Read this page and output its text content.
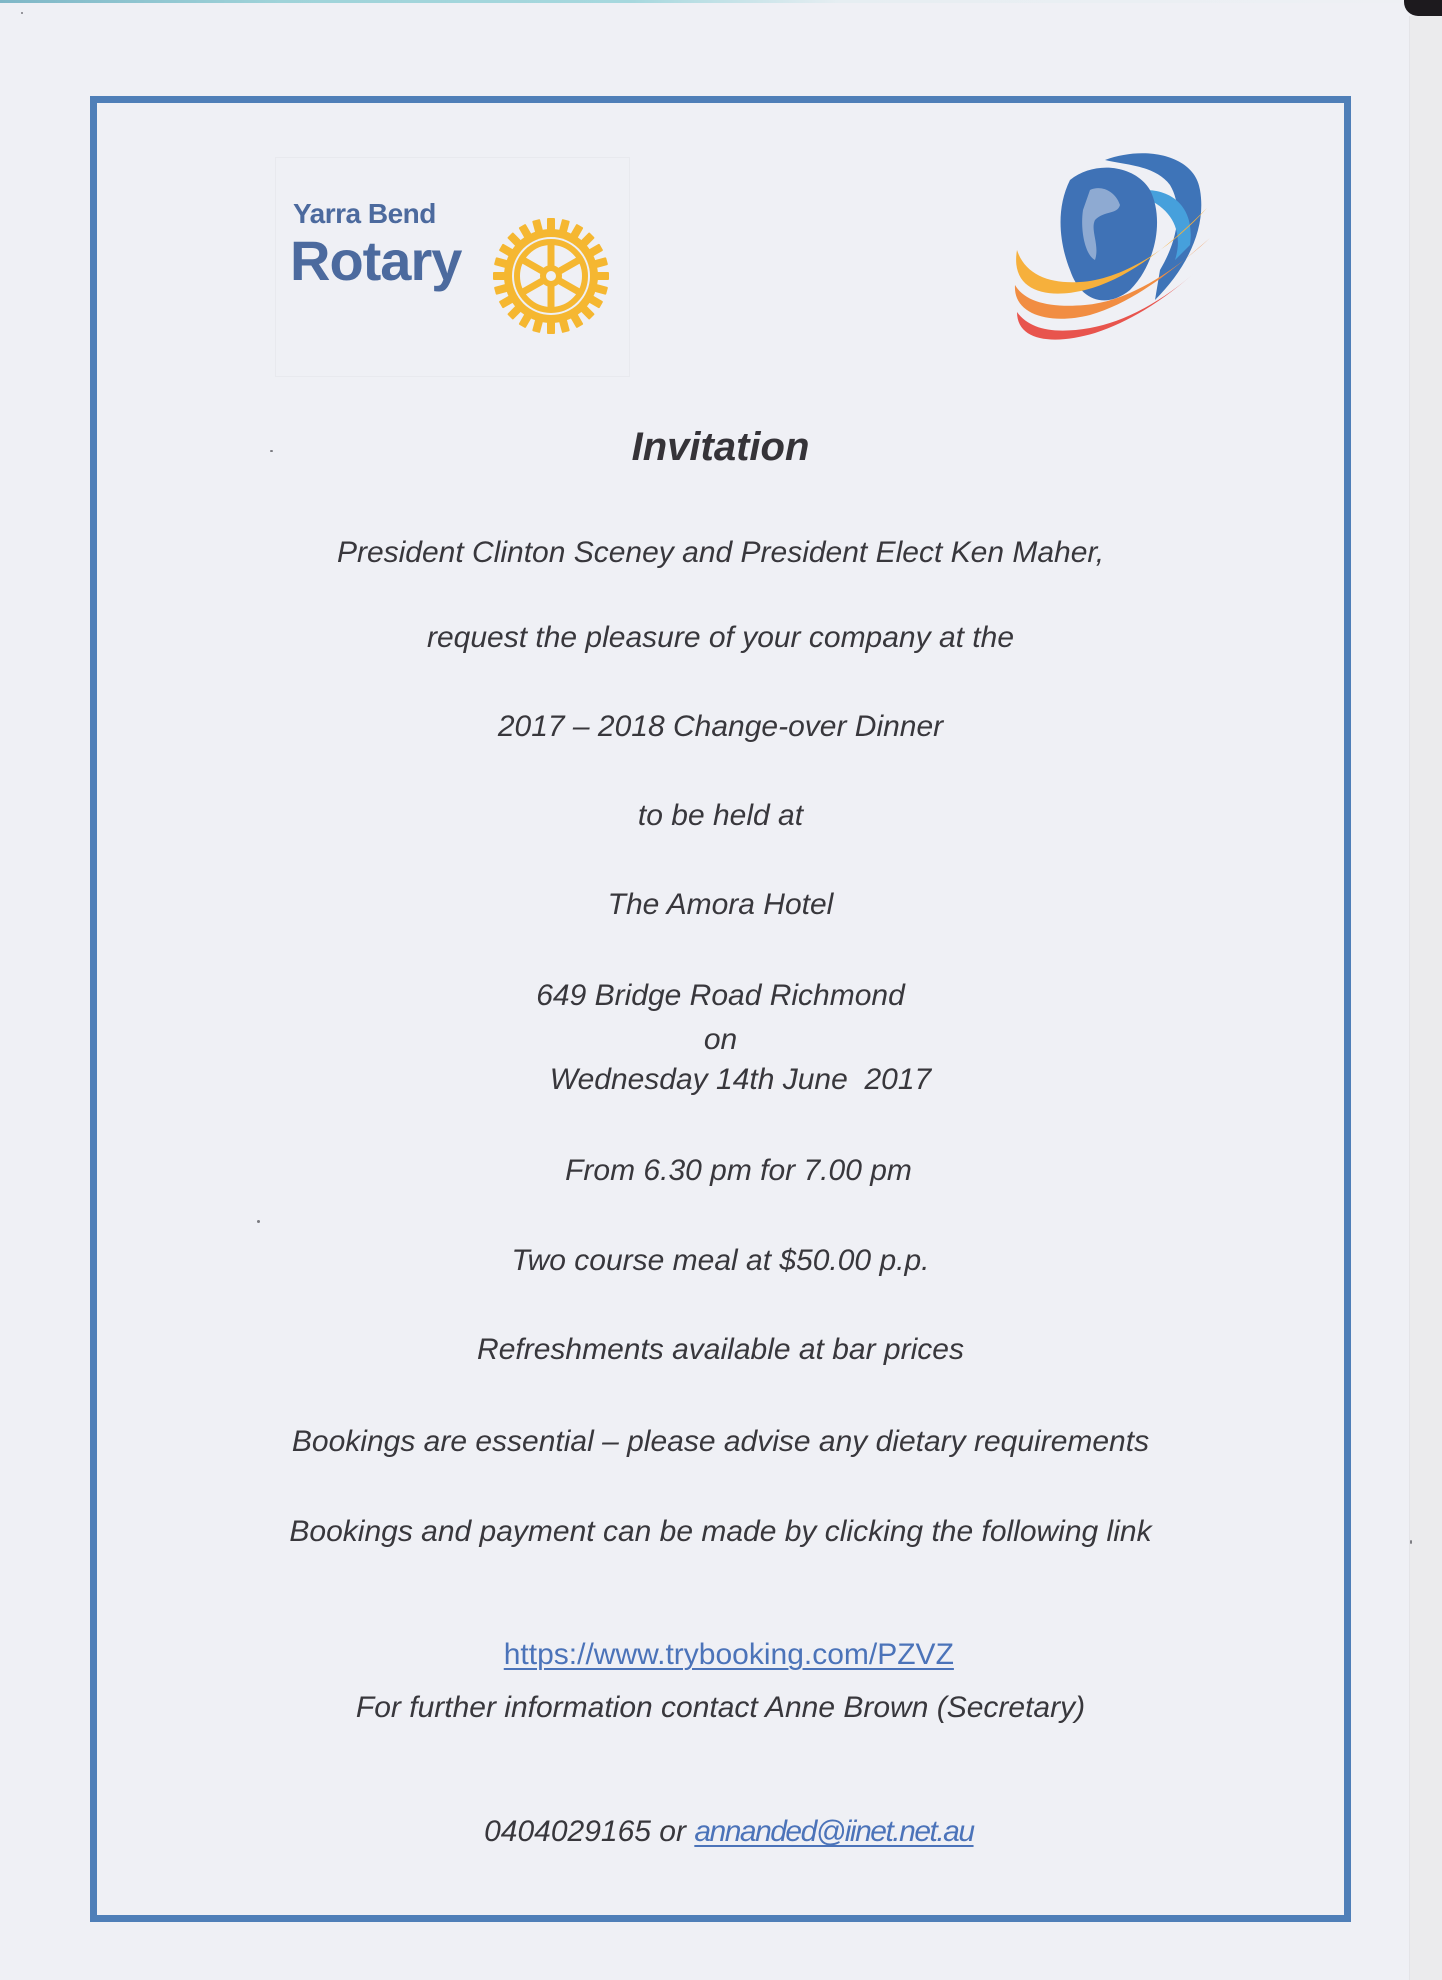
Yarra Bend
Rotary
Invitation
President Clinton Sceney and President Elect Ken Maher,
request the pleasure of your company at the
2017 – 2018 Change-over Dinner
to be held at
The Amora Hotel
649 Bridge Road Richmond
on
Wednesday 14th June  2017
From 6.30 pm for 7.00 pm
Two course meal at $50.00 p.p.
Refreshments available at bar prices
Bookings are essential – please advise any dietary requirements
Bookings and payment can be made by clicking the following link

https://www.trybooking.com/PZVZ

For further information contact Anne Brown (Secretary)

0404029165 or annanded@iinet.net.au
